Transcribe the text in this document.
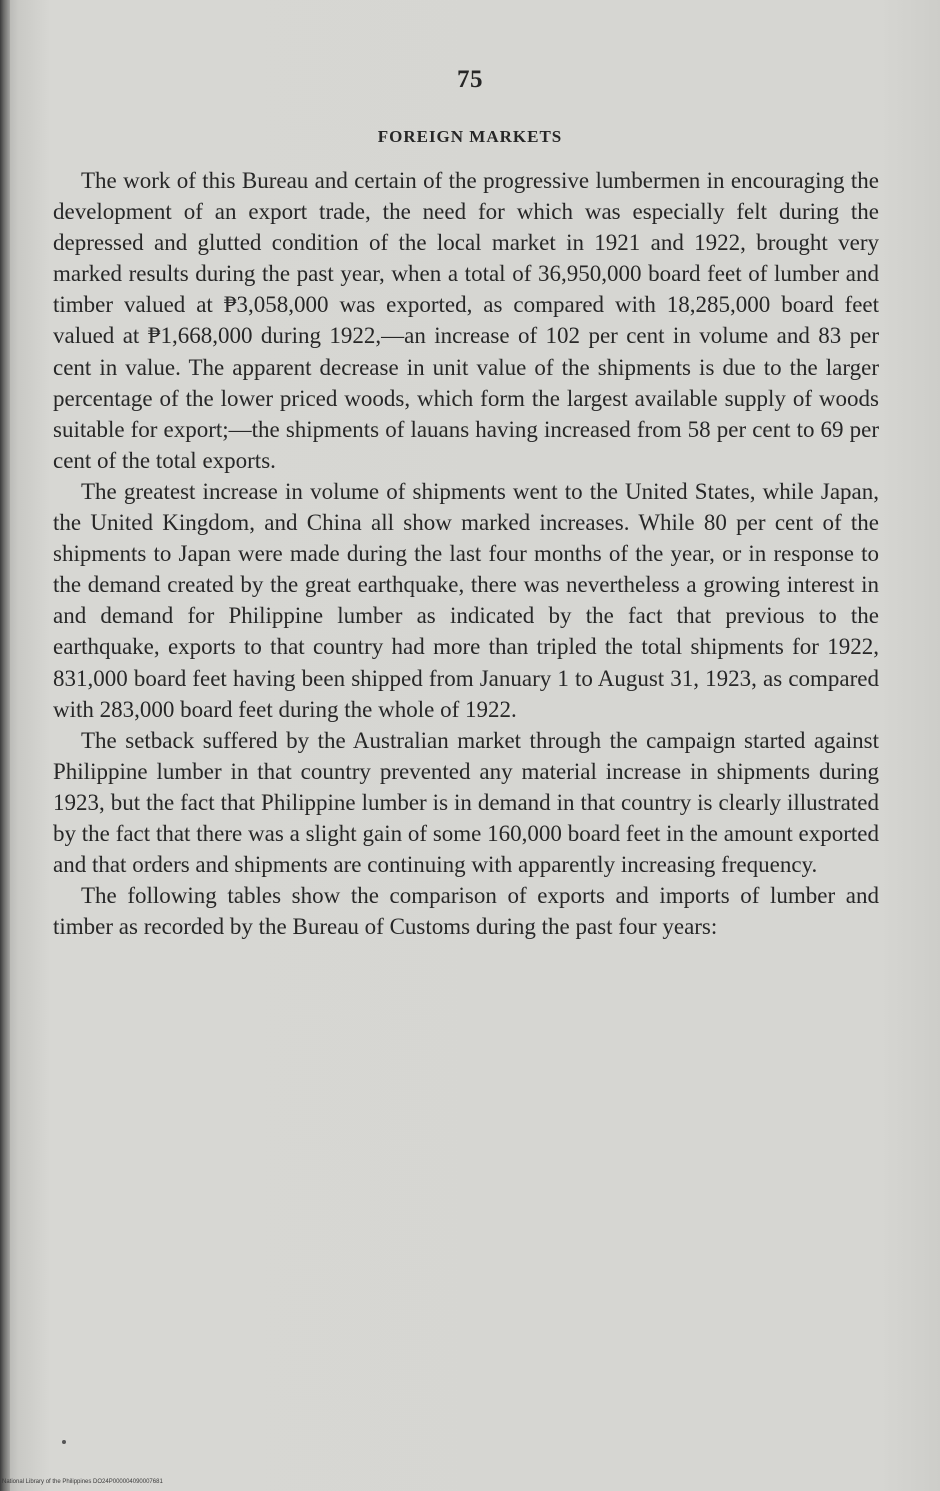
75
FOREIGN MARKETS

The work of this Bureau and certain of the progressive lumbermen in encouraging the development of an export trade, the need for which was especially felt during the depressed and glutted condition of the local market in 1921 and 1922, brought very marked results during the past year, when a total of 36,950,000 board feet of lumber and timber valued at ₱3,058,000 was exported, as compared with 18,285,000 board feet valued at ₱1,668,000 during 1922,—an increase of 102 per cent in volume and 83 per cent in value. The apparent decrease in unit value of the shipments is due to the larger percentage of the lower priced woods, which form the largest available supply of woods suitable for export;—the shipments of lauans having increased from 58 per cent to 69 per cent of the total exports.

The greatest increase in volume of shipments went to the United States, while Japan, the United Kingdom, and China all show marked increases. While 80 per cent of the shipments to Japan were made during the last four months of the year, or in response to the demand created by the great earthquake, there was nevertheless a growing interest in and demand for Philippine lumber as indicated by the fact that previous to the earthquake, exports to that country had more than tripled the total shipments for 1922, 831,000 board feet having been shipped from January 1 to August 31, 1923, as compared with 283,000 board feet during the whole of 1922.

The setback suffered by the Australian market through the campaign started against Philippine lumber in that country prevented any material increase in shipments during 1923, but the fact that Philippine lumber is in demand in that country is clearly illustrated by the fact that there was a slight gain of some 160,000 board feet in the amount exported and that orders and shipments are continuing with apparently increasing frequency.

The following tables show the comparison of exports and imports of lumber and timber as recorded by the Bureau of Customs during the past four years:

National Library of the Philippines DO24P000004090007681
